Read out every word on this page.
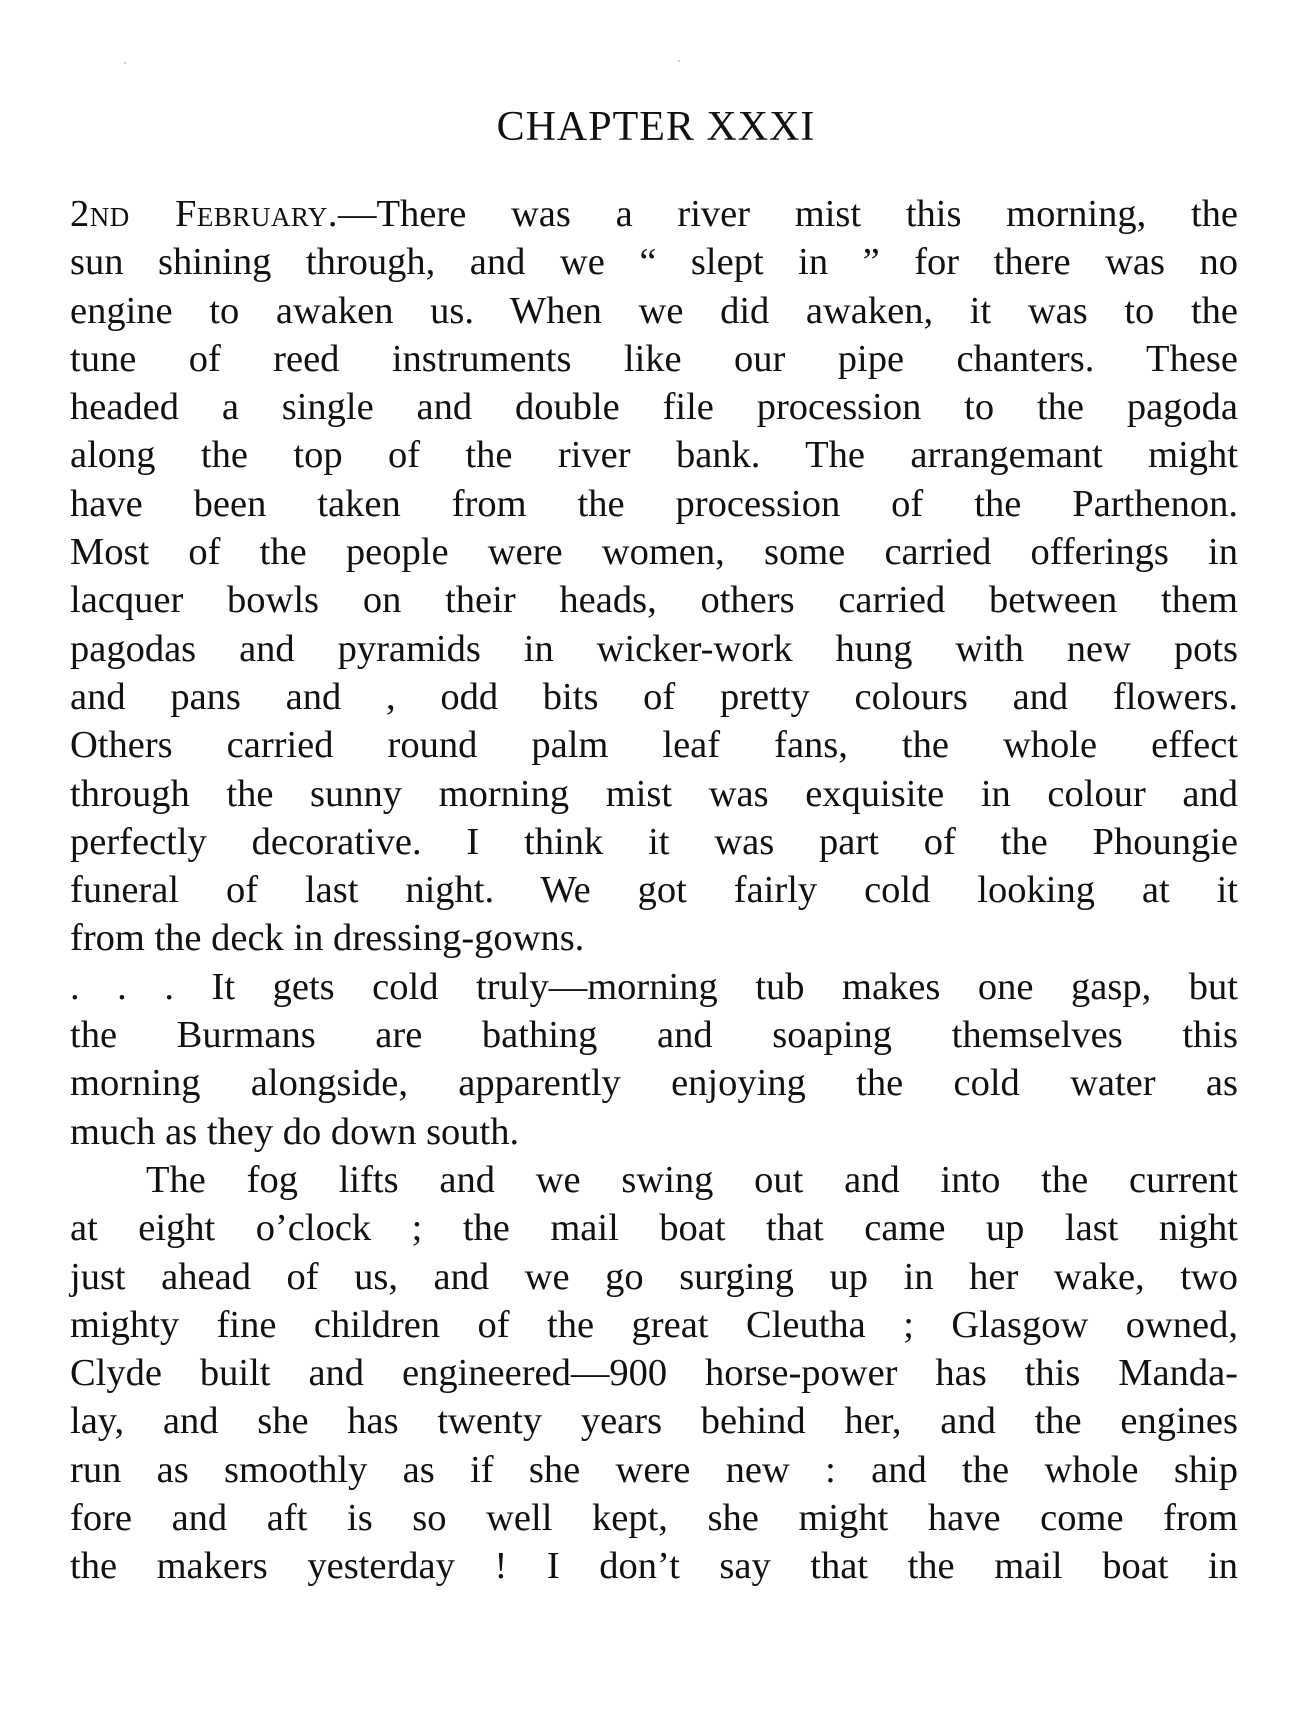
CHAPTER XXXI
2nd February.—There was a river mist this morning, the
sun shining through, and we “ slept in ” for there was no
engine to awaken us. When we did awaken, it was to the
tune of reed instruments like our pipe chanters. These
headed a single and double file procession to the pagoda
along the top of the river bank. The arrangemant might
have been taken from the procession of the Parthenon.
Most of the people were women, some carried offerings in
lacquer bowls on their heads, others carried between them
pagodas and pyramids in wicker-work hung with new pots
and pans and , odd bits of pretty colours and flowers.
Others carried round palm leaf fans, the whole effect
through the sunny morning mist was exquisite in colour and
perfectly decorative. I think it was part of the Phoungie
funeral of last night. We got fairly cold looking at it
from the deck in dressing-gowns.
. . . It gets cold truly—morning tub makes one gasp, but
the Burmans are bathing and soaping themselves this
morning alongside, apparently enjoying the cold water as
much as they do down south.
The fog lifts and we swing out and into the current
at eight o’clock ; the mail boat that came up last night
just ahead of us, and we go surging up in her wake, two
mighty fine children of the great Cleutha ; Glasgow owned,
Clyde built and engineered—900 horse-power has this Manda-
lay, and she has twenty years behind her, and the engines
run as smoothly as if she were new : and the whole ship
fore and aft is so well kept, she might have come from
the makers yesterday ! I don’t say that the mail boat in
